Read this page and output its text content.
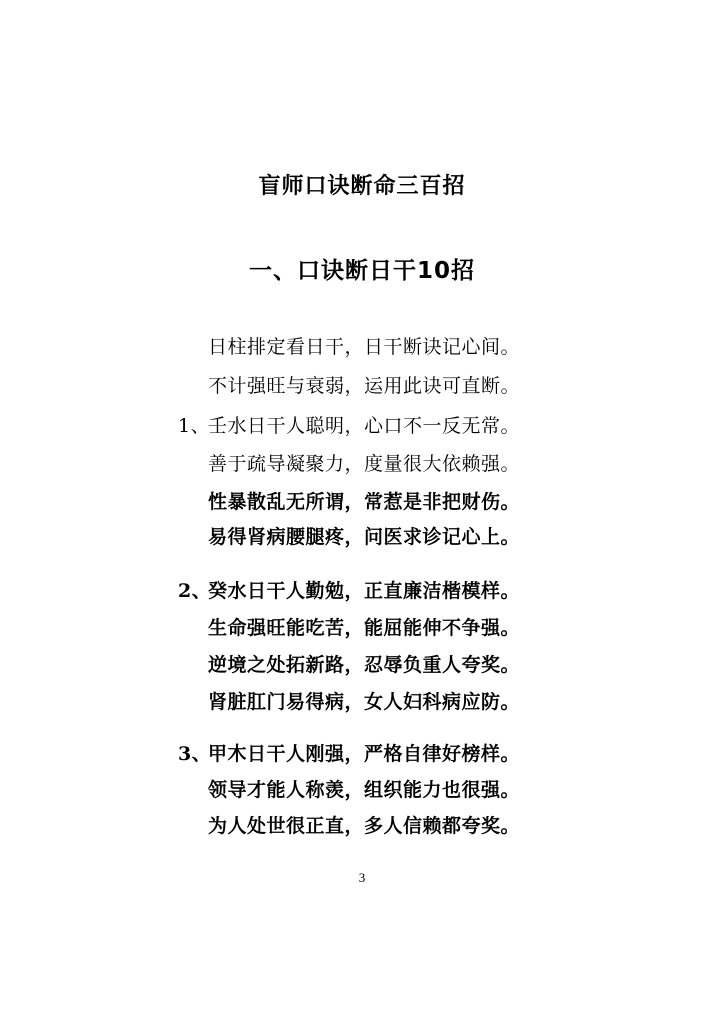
盲师口诀断命三百招
一、口诀断日干10招
日柱排定看日干，日干断诀记心间。
不计强旺与衰弱，运用此诀可直断。
1、
壬水日干人聪明，心口不一反无常。
善于疏导凝聚力，度量很大依赖强。
性暴散乱无所谓，常惹是非把财伤。
易得肾病腰腿疼，问医求诊记心上。
2、
癸水日干人勤勉，正直廉洁楷模样。
生命强旺能吃苦，能屈能伸不争强。
逆境之处拓新路，忍辱负重人夸奖。
肾脏肛门易得病，女人妇科病应防。
3、
甲木日干人刚强，严格自律好榜样。
领导才能人称羡，组织能力也很强。
为人处世很正直，多人信赖都夸奖。
3
